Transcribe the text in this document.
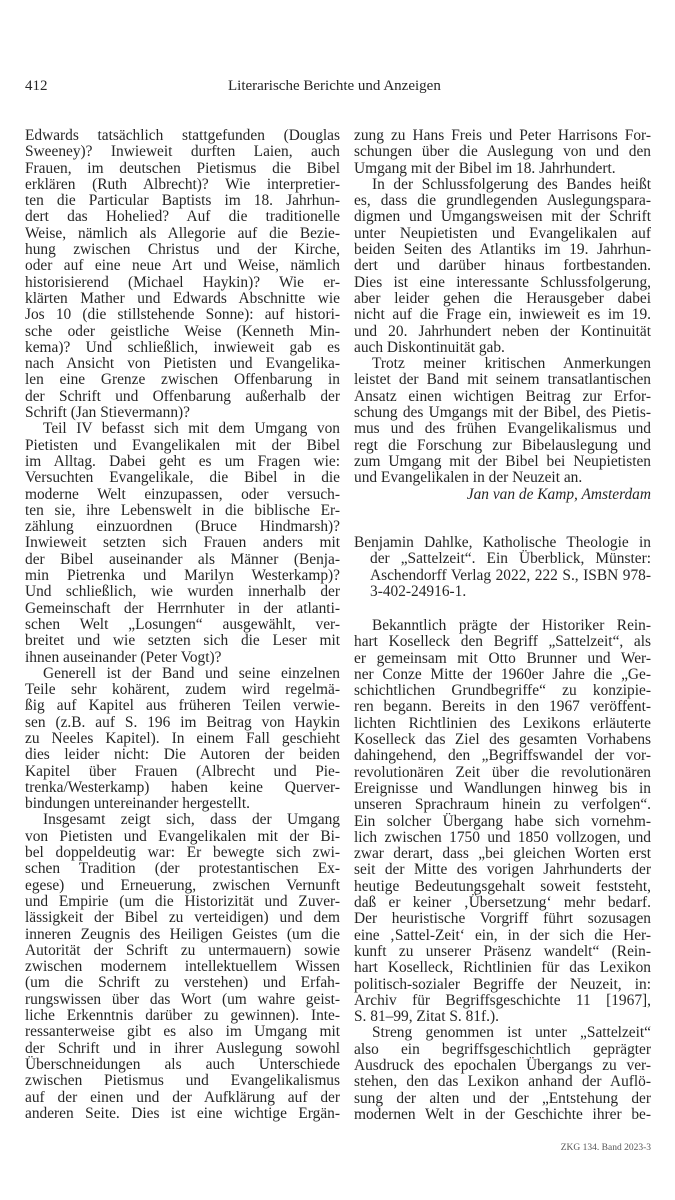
412	Literarische Berichte und Anzeigen
Edwards tatsächlich stattgefunden (Douglas
Sweeney)? Inwieweit durften Laien, auch
Frauen, im deutschen Pietismus die Bibel
erklären (Ruth Albrecht)? Wie interpretier-
ten die Particular Baptists im 18. Jahrhun-
dert das Hohelied? Auf die traditionelle
Weise, nämlich als Allegorie auf die Bezie-
hung zwischen Christus und der Kirche,
oder auf eine neue Art und Weise, nämlich
historisierend (Michael Haykin)? Wie er-
klärten Mather und Edwards Abschnitte wie
Jos 10 (die stillstehende Sonne): auf histori-
sche oder geistliche Weise (Kenneth Min-
kema)? Und schließlich, inwieweit gab es
nach Ansicht von Pietisten und Evangelika-
len eine Grenze zwischen Offenbarung in
der Schrift und Offenbarung außerhalb der
Schrift (Jan Stievermann)?
Teil IV befasst sich mit dem Umgang von
Pietisten und Evangelikalen mit der Bibel
im Alltag. Dabei geht es um Fragen wie:
Versuchten Evangelikale, die Bibel in die
moderne Welt einzupassen, oder versuch-
ten sie, ihre Lebenswelt in die biblische Er-
zählung einzuordnen (Bruce Hindmarsh)?
Inwieweit setzten sich Frauen anders mit
der Bibel auseinander als Männer (Benja-
min Pietrenka und Marilyn Westerkamp)?
Und schließlich, wie wurden innerhalb der
Gemeinschaft der Herrnhuter in der atlanti-
schen Welt „Losungen“ ausgewählt, ver-
breitet und wie setzten sich die Leser mit
ihnen auseinander (Peter Vogt)?
Generell ist der Band und seine einzelnen
Teile sehr kohärent, zudem wird regelmä-
ßig auf Kapitel aus früheren Teilen verwie-
sen (z.B. auf S. 196 im Beitrag von Haykin
zu Neeles Kapitel). In einem Fall geschieht
dies leider nicht: Die Autoren der beiden
Kapitel über Frauen (Albrecht und Pie-
trenka/Westerkamp) haben keine Querver-
bindungen untereinander hergestellt.
Insgesamt zeigt sich, dass der Umgang
von Pietisten und Evangelikalen mit der Bi-
bel doppeldeutig war: Er bewegte sich zwi-
schen Tradition (der protestantischen Ex-
egese) und Erneuerung, zwischen Vernunft
und Empirie (um die Historizität und Zuver-
lässigkeit der Bibel zu verteidigen) und dem
inneren Zeugnis des Heiligen Geistes (um die
Autorität der Schrift zu untermauern) sowie
zwischen modernem intellektuellem Wissen
(um die Schrift zu verstehen) und Erfah-
rungswissen über das Wort (um wahre geist-
liche Erkenntnis darüber zu gewinnen). Inte-
ressanterweise gibt es also im Umgang mit
der Schrift und in ihrer Auslegung sowohl
Überschneidungen als auch Unterschiede
zwischen Pietismus und Evangelikalismus
auf der einen und der Aufklärung auf der
anderen Seite. Dies ist eine wichtige Ergän-
zung zu Hans Freis und Peter Harrisons For-
schungen über die Auslegung von und den
Umgang mit der Bibel im 18. Jahrhundert.
In der Schlussfolgerung des Bandes heißt
es, dass die grundlegenden Auslegungspara-
digmen und Umgangsweisen mit der Schrift
unter Neupietisten und Evangelikalen auf
beiden Seiten des Atlantiks im 19. Jahrhun-
dert und darüber hinaus fortbestanden.
Dies ist eine interessante Schlussfolgerung,
aber leider gehen die Herausgeber dabei
nicht auf die Frage ein, inwieweit es im 19.
und 20. Jahrhundert neben der Kontinuität
auch Diskontinuität gab.
Trotz meiner kritischen Anmerkungen
leistet der Band mit seinem transatlantischen
Ansatz einen wichtigen Beitrag zur Erfor-
schung des Umgangs mit der Bibel, des Pietis-
mus und des frühen Evangelikalismus und
regt die Forschung zur Bibelauslegung und
zum Umgang mit der Bibel bei Neupietisten
und Evangelikalen in der Neuzeit an.
Jan van de Kamp, Amsterdam
Benjamin Dahlke, Katholische Theologie in
der „Sattelzeit“. Ein Überblick, Münster:
Aschendorff Verlag 2022, 222 S., ISBN 978-
3-402-24916-1.
Bekanntlich prägte der Historiker Rein-
hart Koselleck den Begriff „Sattelzeit“, als
er gemeinsam mit Otto Brunner und Wer-
ner Conze Mitte der 1960er Jahre die „Ge-
schichtlichen Grundbegriffe“ zu konzipie-
ren begann. Bereits in den 1967 veröffent-
lichten Richtlinien des Lexikons erläuterte
Koselleck das Ziel des gesamten Vorhabens
dahingehend, den „Begriffswandel der vor-
revolutionären Zeit über die revolutionären
Ereignisse und Wandlungen hinweg bis in
unseren Sprachraum hinein zu verfolgen“.
Ein solcher Übergang habe sich vornehm-
lich zwischen 1750 und 1850 vollzogen, und
zwar derart, dass „bei gleichen Worten erst
seit der Mitte des vorigen Jahrhunderts der
heutige Bedeutungsgehalt soweit feststeht,
daß er keiner ‚Übersetzung‘ mehr bedarf.
Der heuristische Vorgriff führt sozusagen
eine ‚Sattel-Zeit‘ ein, in der sich die Her-
kunft zu unserer Präsenz wandelt“ (Rein-
hart Koselleck, Richtlinien für das Lexikon
politisch-sozialer Begriffe der Neuzeit, in:
Archiv für Begriffsgeschichte 11 [1967],
S. 81–99, Zitat S. 81f.).
Streng genommen ist unter „Sattelzeit“
also ein begriffsgeschichtlich geprägter
Ausdruck des epochalen Übergangs zu ver-
stehen, den das Lexikon anhand der Auflö-
sung der alten und der „Entstehung der
modernen Welt in der Geschichte ihrer be-
ZKG 134. Band 2023-3
